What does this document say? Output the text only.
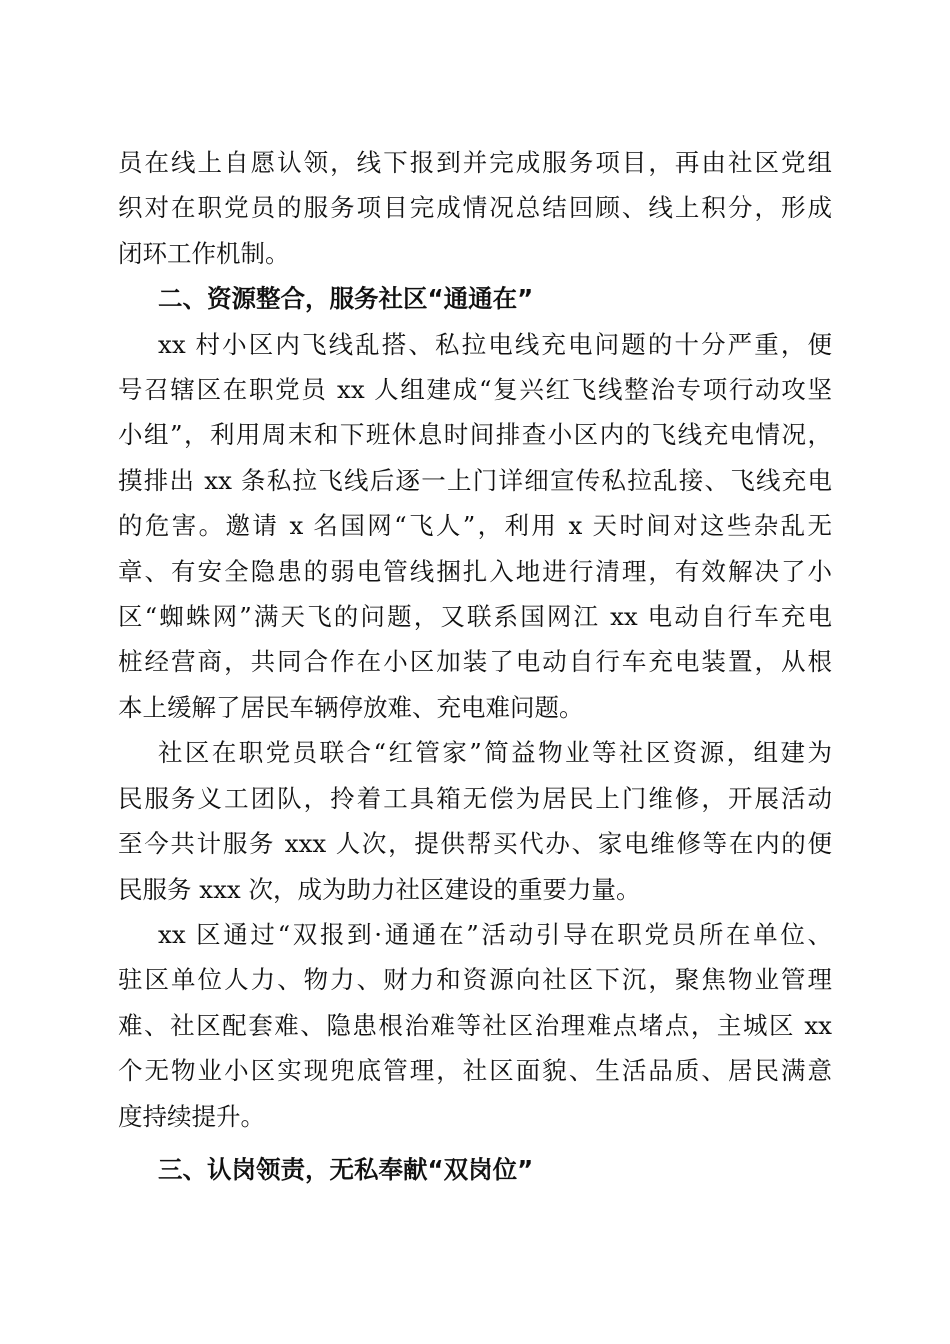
员在线上自愿认领，线下报到并完成服务项目，再由社区党组
织对在职党员的服务项目完成情况总结回顾、线上积分，形成
闭环工作机制。
二、资源整合，服务社区“通通在”
xx 村小区内飞线乱搭、私拉电线充电问题的十分严重，便
号召辖区在职党员 xx 人组建成“复兴红飞线整治专项行动攻坚
小组”，利用周末和下班休息时间排查小区内的飞线充电情况，
摸排出 xx 条私拉飞线后逐一上门详细宣传私拉乱接、飞线充电
的危害。邀请 x 名国网“飞人”，利用 x 天时间对这些杂乱无
章、有安全隐患的弱电管线捆扎入地进行清理，有效解决了小
区“蜘蛛网”满天飞的问题，又联系国网江 xx 电动自行车充电
桩经营商，共同合作在小区加装了电动自行车充电装置，从根
本上缓解了居民车辆停放难、充电难问题。
社区在职党员联合“红管家”简益物业等社区资源，组建为
民服务义工团队，拎着工具箱无偿为居民上门维修，开展活动
至今共计服务 xxx 人次，提供帮买代办、家电维修等在内的便
民服务 xxx 次，成为助力社区建设的重要力量。
xx 区通过“双报到·通通在”活动引导在职党员所在单位、
驻区单位人力、物力、财力和资源向社区下沉，聚焦物业管理
难、社区配套难、隐患根治难等社区治理难点堵点，主城区 xx
个无物业小区实现兜底管理，社区面貌、生活品质、居民满意
度持续提升。
三、认岗领责，无私奉献“双岗位”
